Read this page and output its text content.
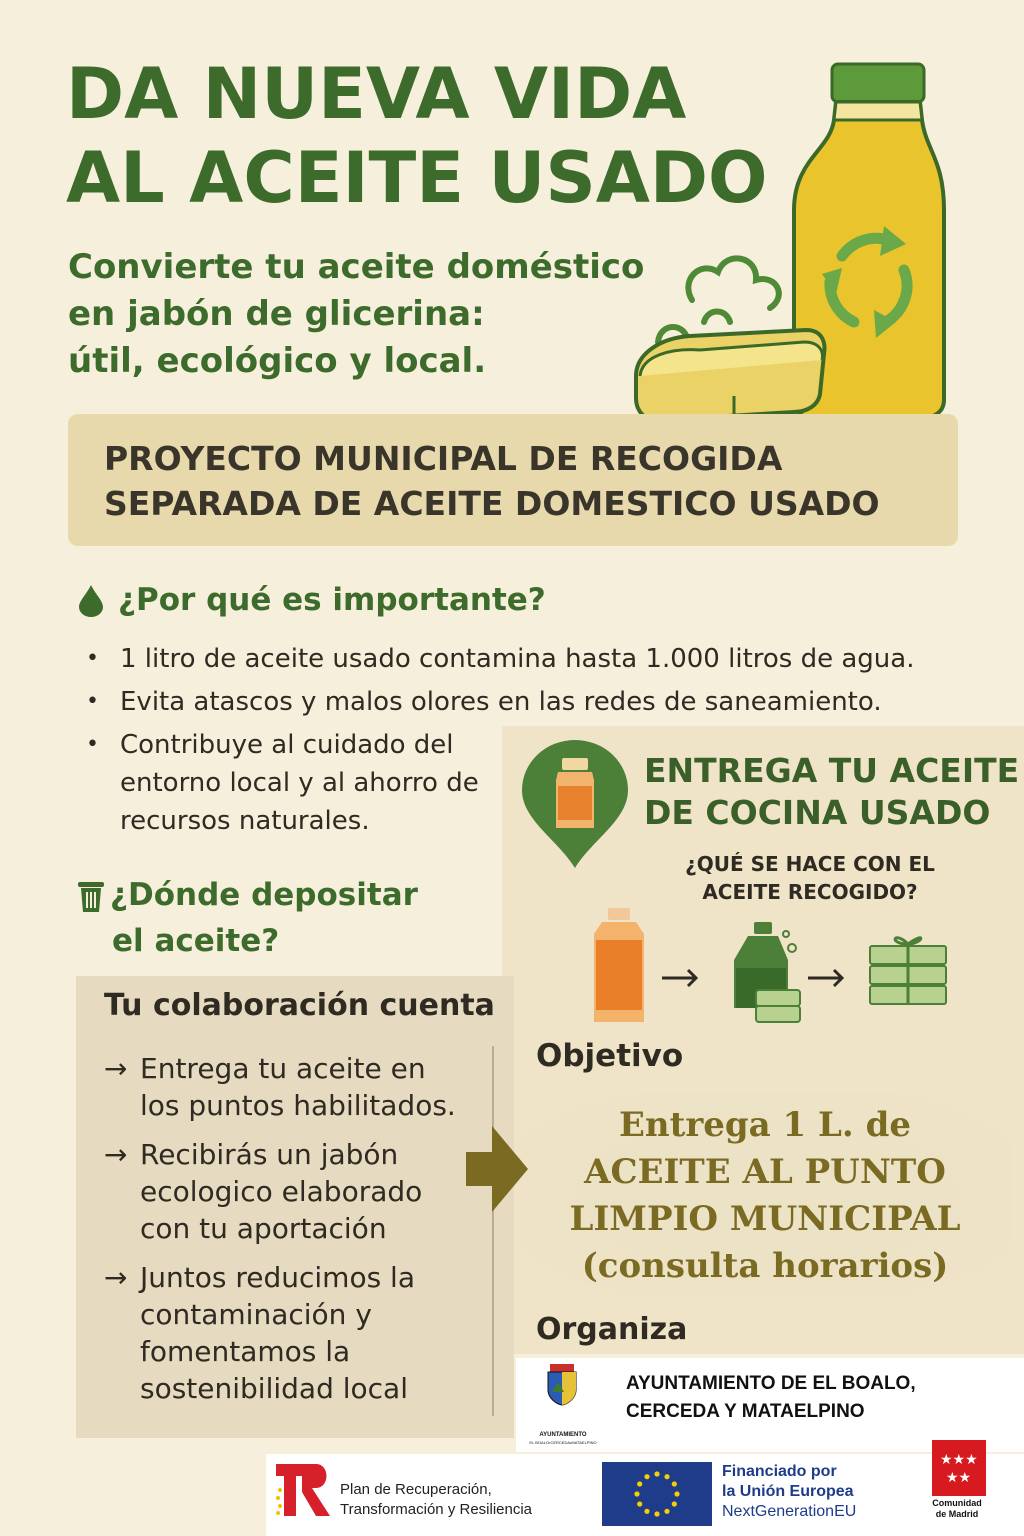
DA NUEVA VIDA
AL ACEITE USADO
Convierte tu aceite doméstico
en jabón de glicerina:
útil, ecológico y local.
PROYECTO MUNICIPAL DE RECOGIDA
SEPARADA DE ACEITE DOMESTICO USADO
¿Por qué es importante?
• 1 litro de aceite usado contamina hasta 1.000 litros de agua.
• Evita atascos y malos olores en las redes de saneamiento.
• Contribuye al cuidado del entorno local y al ahorro de recursos naturales.
¿Dónde depositar
el aceite?
ENTREGA TU ACEITE
DE COCINA USADO
¿QUÉ SE HACE CON EL
ACEITE RECOGIDO?
Tu colaboración cuenta
→ Entrega tu aceite en
los puntos habilitados.
→ Recibirás un jabón
ecologico elaborado
con tu aportación
→ Juntos reducimos la
contaminación y
fomentamos la
sostenibilidad local
Objetivo
Entrega 1 L. de
ACEITE AL PUNTO
LIMPIO MUNICIPAL
(consulta horarios)
Organiza
AYUNTAMIENTO
EL BOALO•CERCEDA•MATAELPINO
AYUNTAMIENTO DE EL BOALO,
CERCEDA Y MATAELPINO
Plan de Recuperación,
Transformación y Resiliencia
Financiado por
la Unión Europea
NextGenerationEU
★★★
★★
Comunidad
de Madrid
